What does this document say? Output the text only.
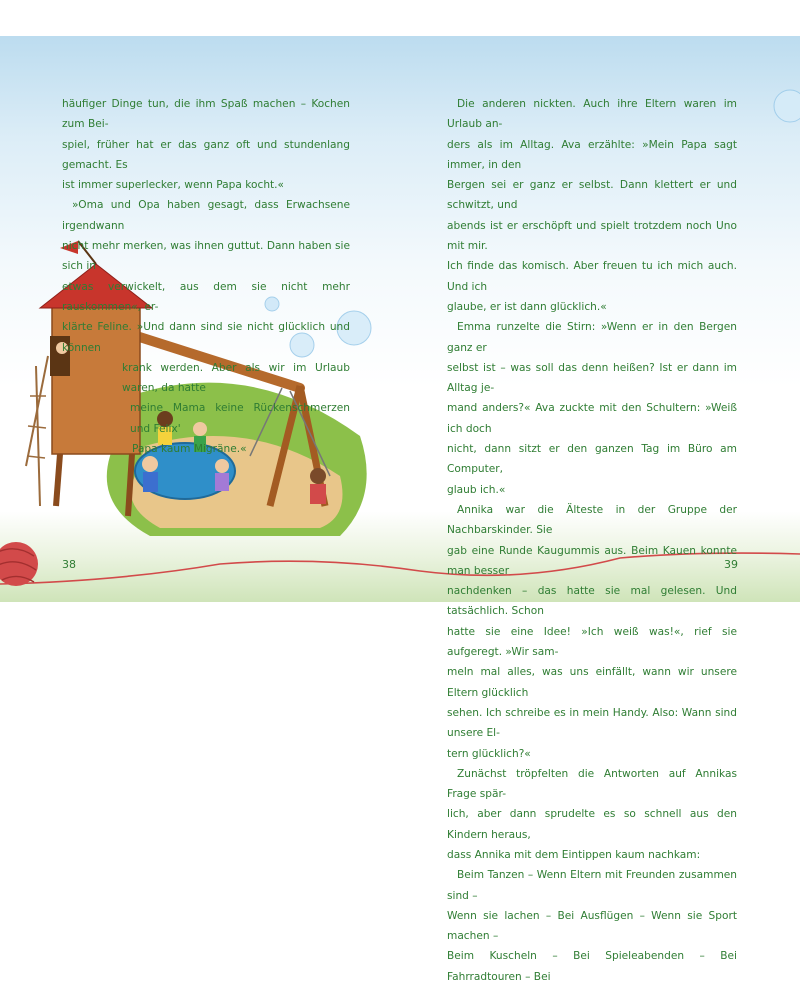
häufiger Dinge tun, die ihm Spaß machen – Kochen zum Bei-

spiel, früher hat er das ganz oft und stundenlang gemacht. Es

ist immer superlecker, wenn Papa kocht.«

»Oma und Opa haben gesagt, dass Erwachsene irgendwann

nicht mehr merken, was ihnen guttut. Dann haben sie sich in

etwas verwickelt, aus dem sie nicht mehr rauskommen«, er-

klärte Feline. »Und dann sind sie nicht glücklich und können

krank werden. Aber als wir im Urlaub waren, da hatte

meine Mama keine Rückenschmerzen und Felix'

Papa kaum Migräne.«

Die anderen nickten. Auch ihre Eltern waren im Urlaub an-

ders als im Alltag. Ava erzählte: »Mein Papa sagt immer, in den

Bergen sei er ganz er selbst. Dann klettert er und schwitzt, und

abends ist er erschöpft und spielt trotzdem noch Uno mit mir.

Ich finde das komisch. Aber freuen tu ich mich auch. Und ich

glaube, er ist dann glücklich.«

Emma runzelte die Stirn: »Wenn er in den Bergen ganz er

selbst ist – was soll das denn heißen? Ist er dann im Alltag je-

mand anders?« Ava zuckte mit den Schultern: »Weiß ich doch

nicht, dann sitzt er den ganzen Tag im Büro am Computer,

glaub ich.«

Annika war die Älteste in der Gruppe der Nachbarskinder. Sie

gab eine Runde Kaugummis aus. Beim Kauen konnte man besser

nachdenken – das hatte sie mal gelesen. Und tatsächlich. Schon

hatte sie eine Idee! »Ich weiß was!«, rief sie aufgeregt. »Wir sam-

meln mal alles, was uns einfällt, wann wir unsere Eltern glücklich

sehen. Ich schreibe es in mein Handy. Also: Wann sind unsere El-

tern glücklich?«

Zunächst tröpfelten die Antworten auf Annikas Frage spär-

lich, aber dann sprudelte es so schnell aus den Kindern heraus,

dass Annika mit dem Eintippen kaum nachkam:

Beim Tanzen – Wenn Eltern mit Freunden zusammen sind –

Wenn sie lachen – Bei Ausflügen – Wenn sie Sport machen –

Beim Kuscheln – Bei Spieleabenden – Bei Fahrradtouren – Bei

38	39
